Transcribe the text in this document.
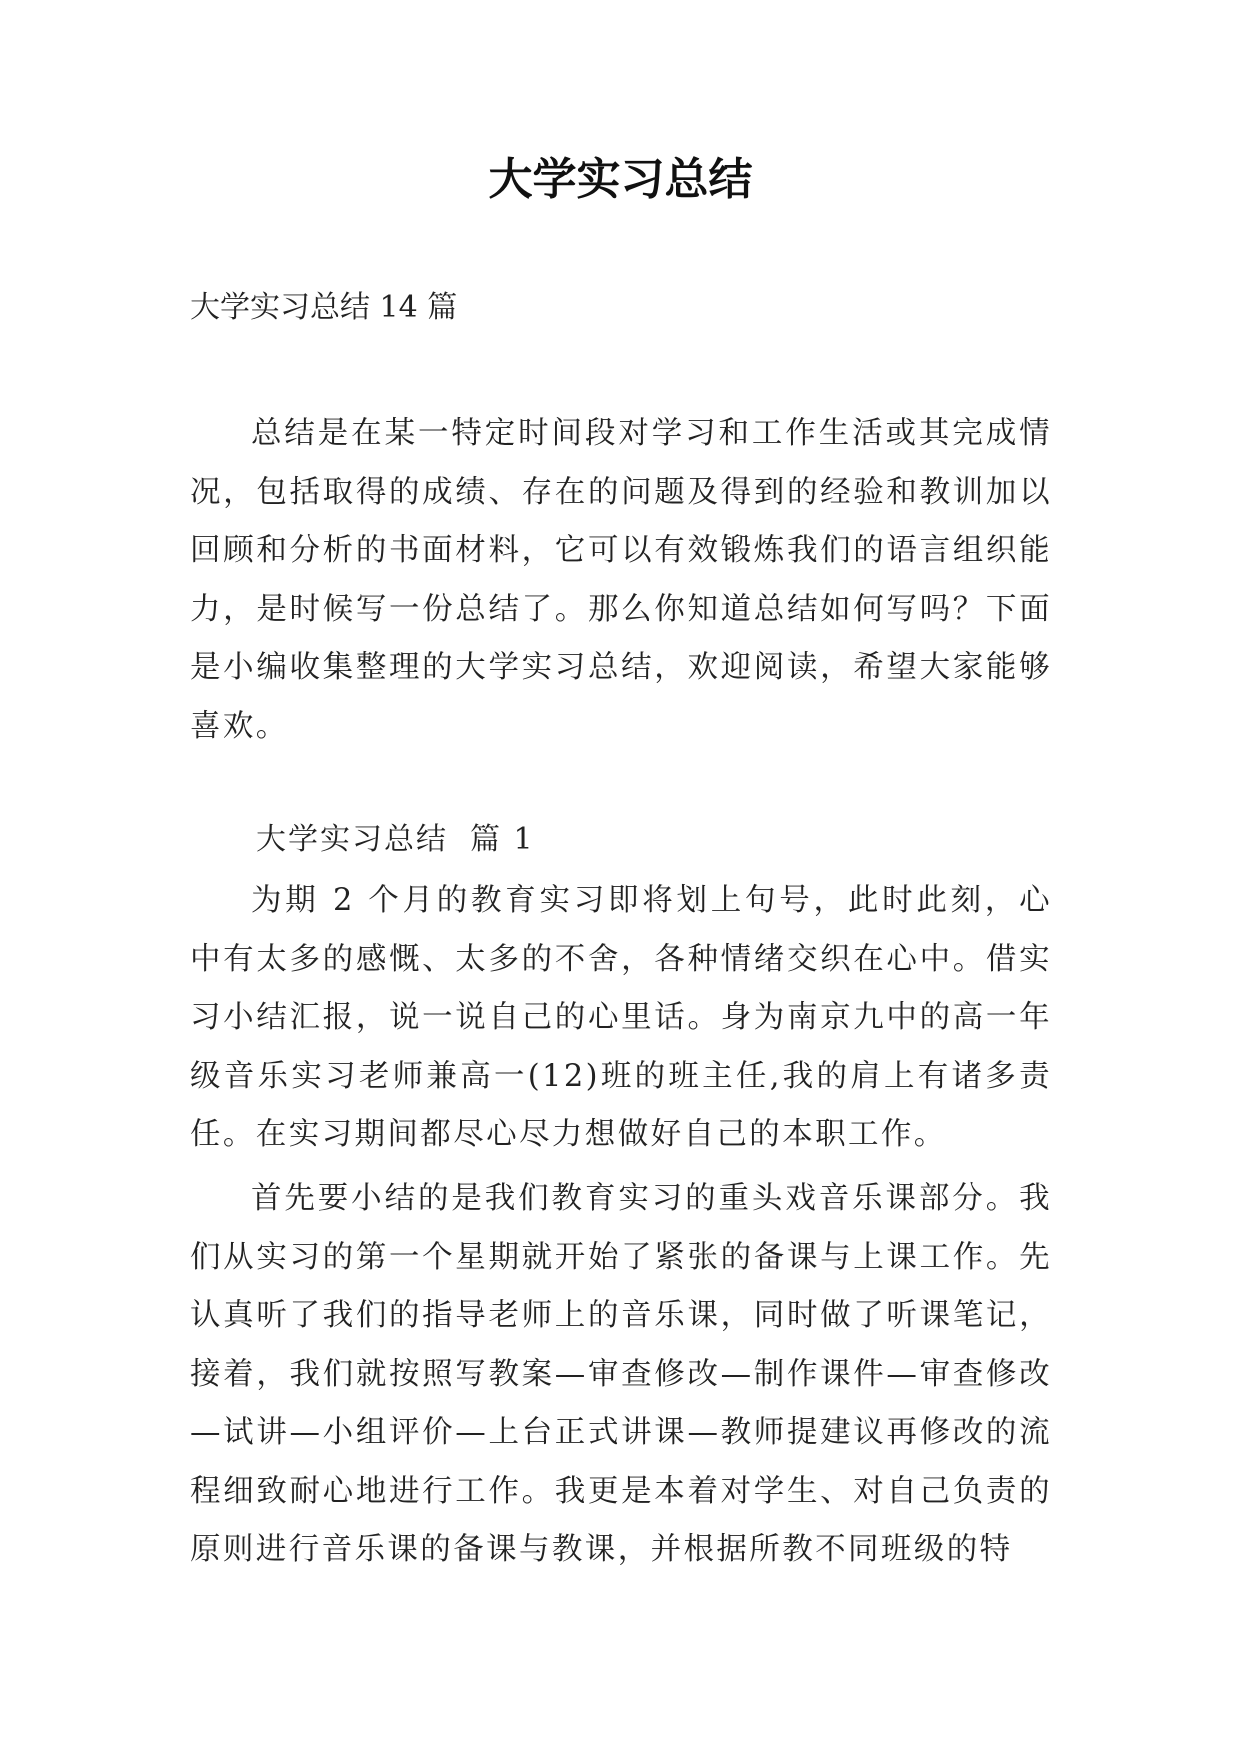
大学实习总结
大学实习总结 14 篇

总结是在某一特定时间段对学习和工作生活或其完成情况，包括取得的成绩、存在的问题及得到的经验和教训加以回顾和分析的书面材料，它可以有效锻炼我们的语言组织能力，是时候写一份总结了。那么你知道总结如何写吗？下面是小编收集整理的大学实习总结，欢迎阅读，希望大家能够喜欢。

大学实习总结 篇 1

为期 2 个月的教育实习即将划上句号，此时此刻，心中有太多的感慨、太多的不舍，各种情绪交织在心中。借实习小结汇报，说一说自己的心里话。身为南京九中的高一年级音乐实习老师兼高一(12)班的班主任,我的肩上有诸多责任。在实习期间都尽心尽力想做好自己的本职工作。

首先要小结的是我们教育实习的重头戏音乐课部分。我们从实习的第一个星期就开始了紧张的备课与上课工作。先认真听了我们的指导老师上的音乐课，同时做了听课笔记，接着，我们就按照写教案—审查修改—制作课件—审查修改—试讲—小组评价—上台正式讲课—教师提建议再修改的流程细致耐心地进行工作。我更是本着对学生、对自己负责的原则进行音乐课的备课与教课，并根据所教不同班级的特
